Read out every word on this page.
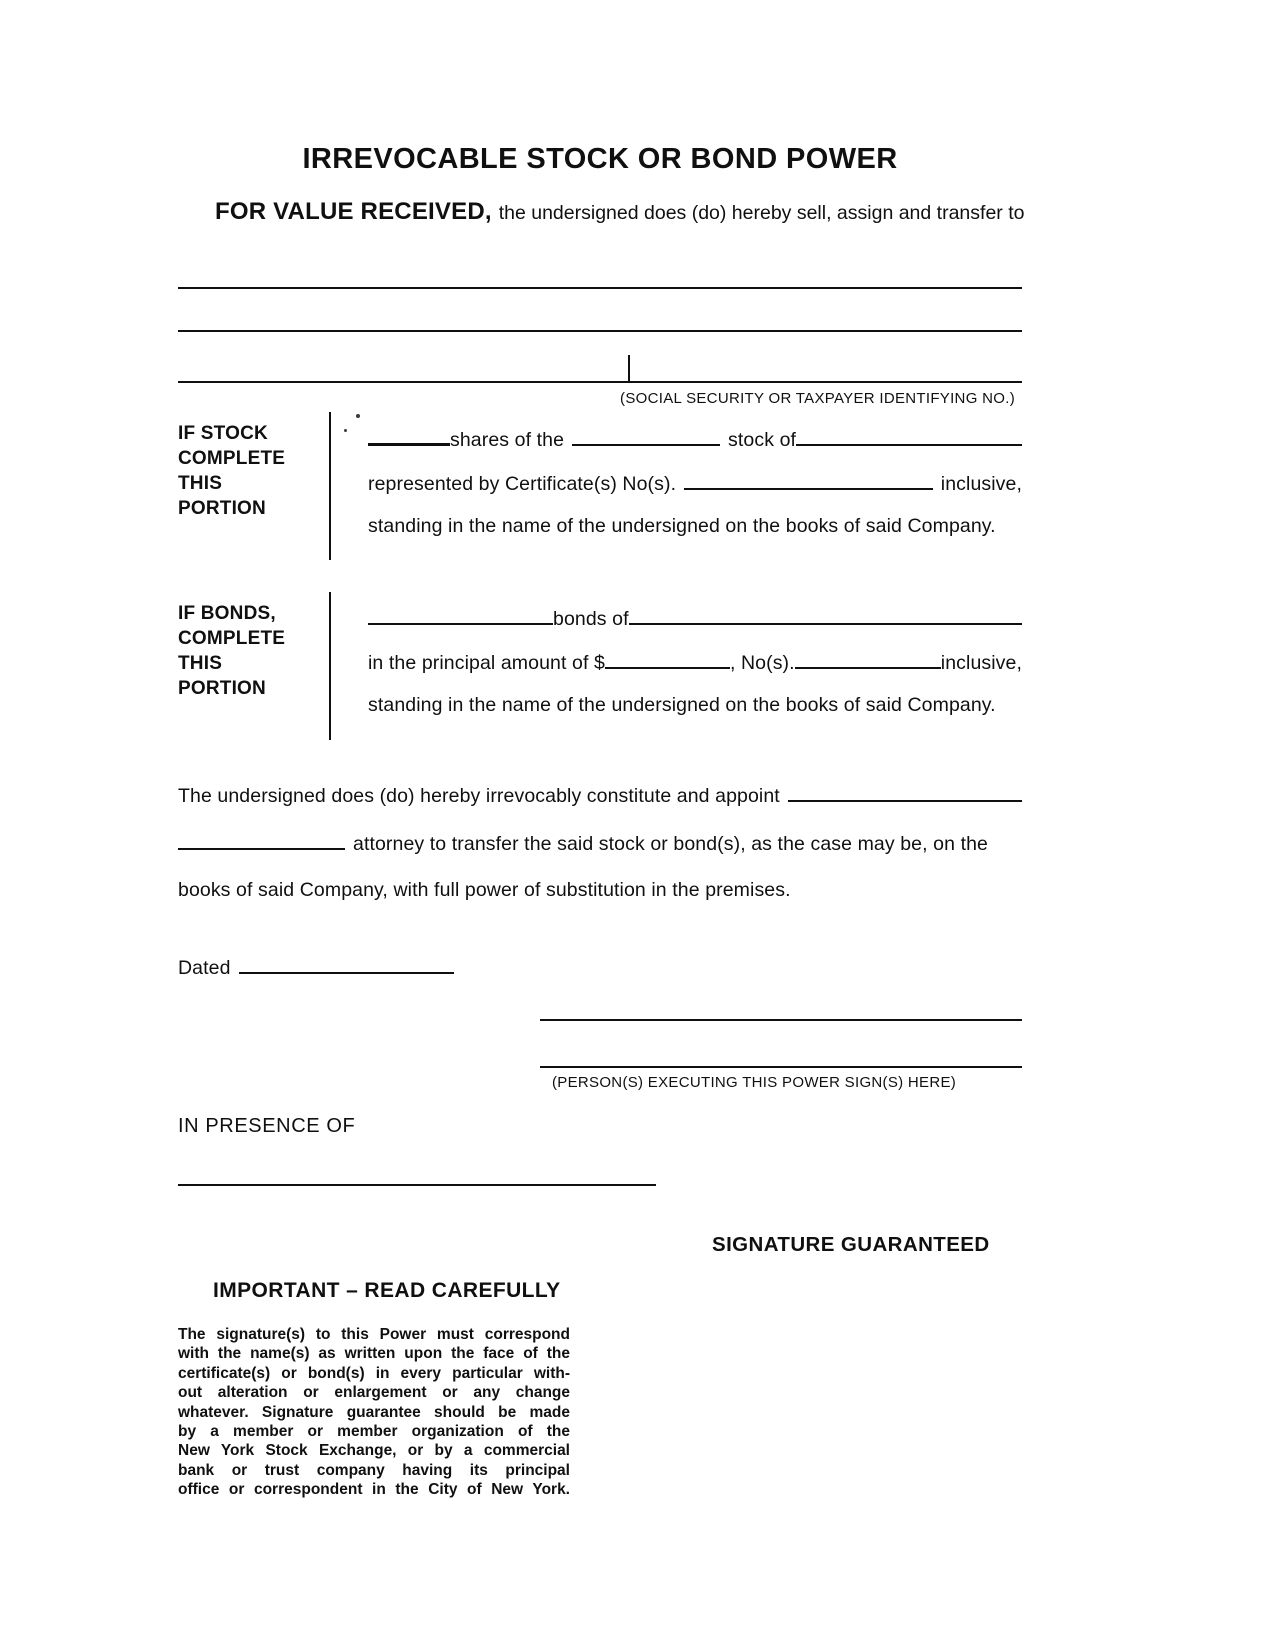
IRREVOCABLE STOCK OR BOND POWER
FOR VALUE RECEIVED, the undersigned does (do) hereby sell, assign and transfer to
(SOCIAL SECURITY OR TAXPAYER IDENTIFYING NO.)
IF STOCK
COMPLETE
THIS
PORTION
shares of the	stock of
represented by Certificate(s) No(s).	inclusive,
standing in the name of the undersigned on the books of said Company.
IF BONDS,
COMPLETE
THIS
PORTION
bonds of
in the principal amount of $	, No(s).	inclusive,
standing in the name of the undersigned on the books of said Company.
The undersigned does (do) hereby irrevocably constitute and appoint
attorney to transfer the said stock or bond(s), as the case may be, on the
books of said Company, with full power of substitution in the premises.
Dated
(PERSON(S) EXECUTING THIS POWER SIGN(S) HERE)
IN PRESENCE OF
SIGNATURE GUARANTEED
IMPORTANT – READ CAREFULLY
The signature(s) to this Power must correspond
with the name(s) as written upon the face of the
certificate(s) or bond(s) in every particular with-
out alteration or enlargement or any change
whatever. Signature guarantee should be made
by a member or member organization of the
New York Stock Exchange, or by a commercial
bank or trust company having its principal
office or correspondent in the City of New York.
